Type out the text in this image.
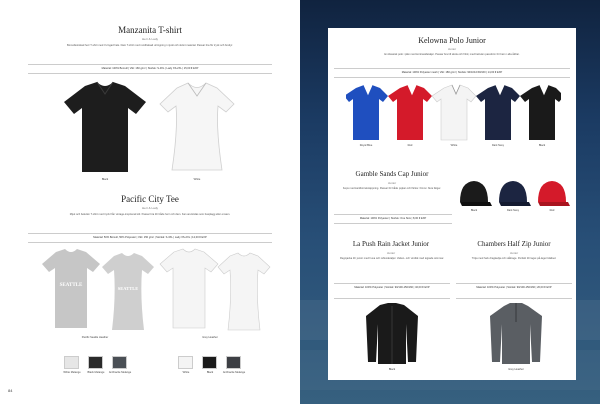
Manzanita T-shirt
Herr & Lady
Bomullsstickad herr T-shirt med V-ringad hals. Dam T-shirt med rundhalsad urringning i mjukt och skönt material. Passar bra för tryck och brodyr.
Material: 100% Bomull | Vikt: 160 g/m² | Storlek: S-3XL | Lady XS-2XL | 15,00 € EXP
Black	White
Pacific City Tee
Herr & Lady
Mjuk och bekväm T-shirt med tryck från vintage-inspirerad stil. Passar bra för både herr och dam. Kan användas som basplagg eller ensam.
Material: 50% Bomull, 50% Polyester | Vikt: 150 g/m² | Storlek: S-3XL | Lady XS-2XL | 12,00 € EXP
SEATTLE
SEATTLE
Pacific Seattle Heather	Grey Heather
White Melange	Black Melange	Anthracite Melange	White	Black	Anthracite Melange
84
Kelowna Polo Junior
Junior
En klassisk polo i piké med kontrastdetaljer. Passar bra till skola och fritid, med bekväm passform för barn i alla åldrar.
Material: 100% Polyester mesh | Vikt: 180 g/m² | Storlek: 90/100-150/160 | 14,00 € EXP
Royal Blue	Red	White	Dark Navy	Black
Gamble Sands Cap Junior
Junior
Keps med kardborreknäppning. Passar för både pojkar och flickor. Finns i flera färger.
Material: 100% Polyester | Storlek: One Size | 8,00 € EXP
Black	Dark Navy	Red
La Push Rain Jacket Junior
Junior
Regnjacka för junior med huva och reflexdetaljer. Vatten- och vindtät med tejpade sömmar.
Material: 100% Polyester | Storlek: 90/100-150/160 | 32,00 € EXP
Black
Chambers Half Zip Junior
Junior
Tröja med halv dragkedja och ståkrage. Perfekt för lager-på-lager klädsel.
Material: 100% Polyester | Storlek: 90/100-150/160 | 20,00 € EXP
Grey Heather
